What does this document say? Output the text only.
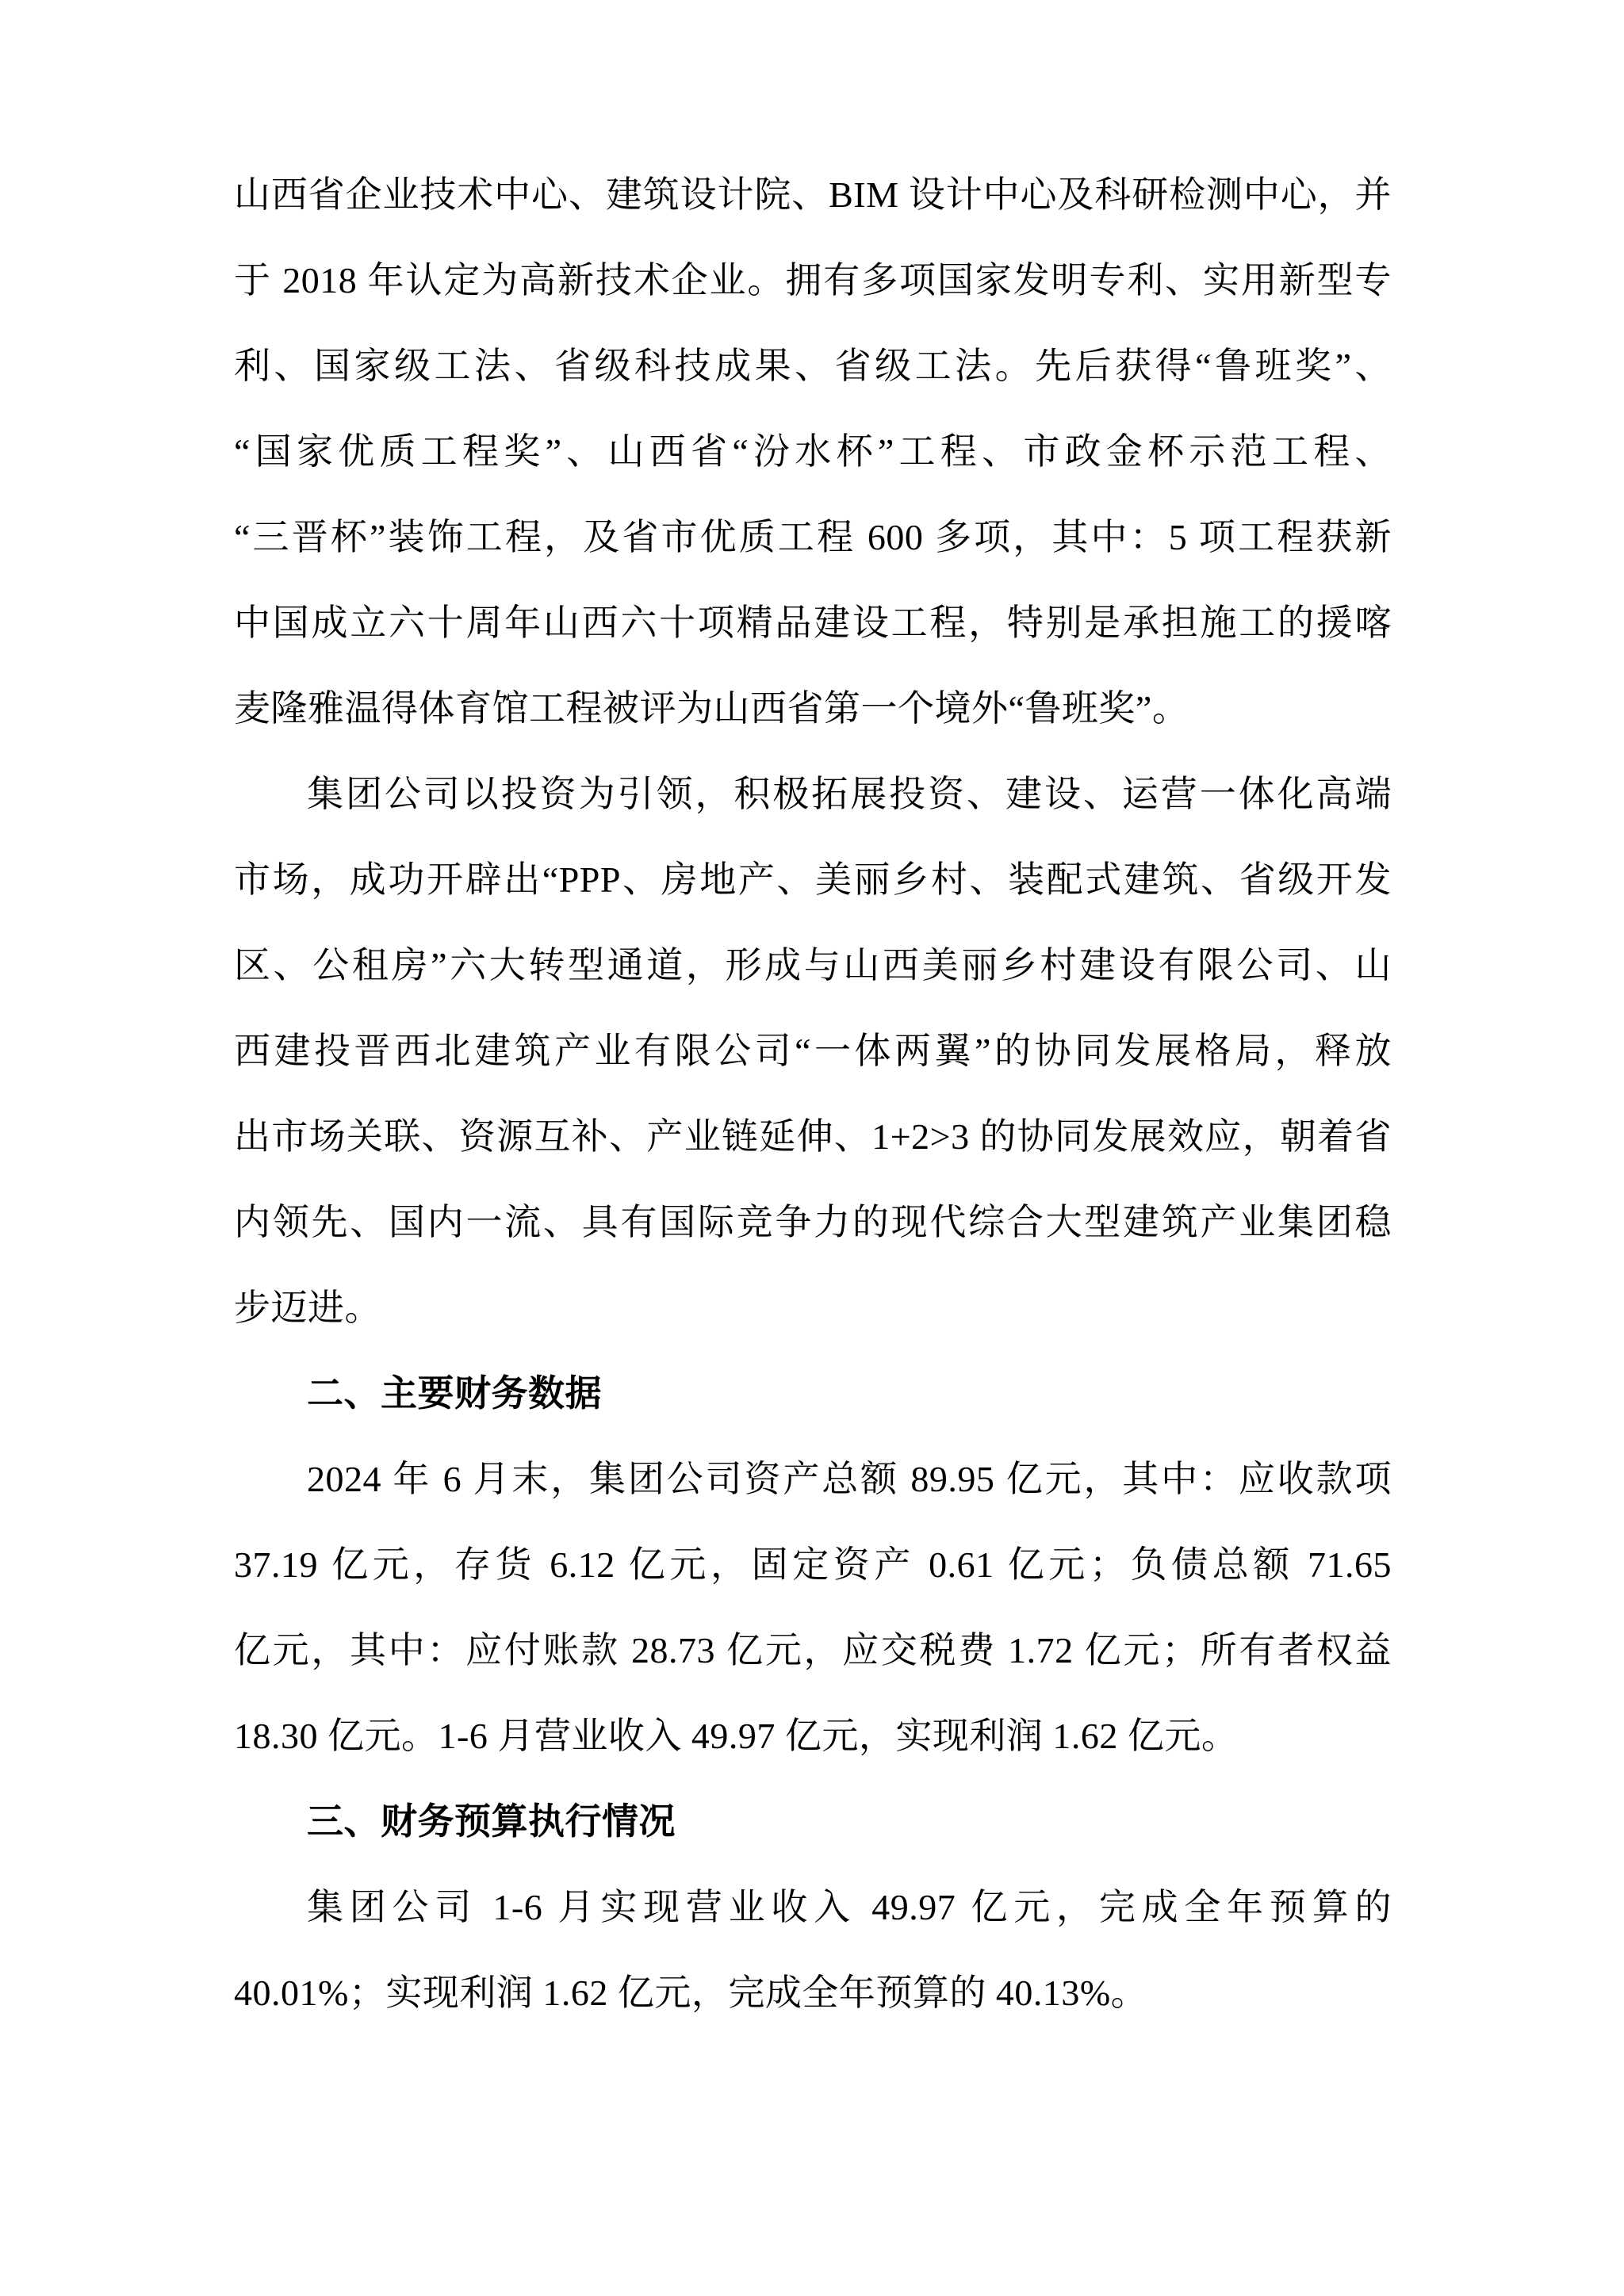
山西省企业技术中心、建筑设计院、BIM 设计中心及科研检测中心，并
于 2018 年认定为高新技术企业。拥有多项国家发明专利、实用新型专
利、国家级工法、省级科技成果、省级工法。先后获得“鲁班奖”、
“国家优质工程奖”、山西省“汾水杯”工程、市政金杯示范工程、
“三晋杯”装饰工程，及省市优质工程 600 多项，其中：5 项工程获新
中国成立六十周年山西六十项精品建设工程，特别是承担施工的援喀
麦隆雅温得体育馆工程被评为山西省第一个境外“鲁班奖”。
集团公司以投资为引领，积极拓展投资、建设、运营一体化高端
市场，成功开辟出“PPP、房地产、美丽乡村、装配式建筑、省级开发
区、公租房”六大转型通道，形成与山西美丽乡村建设有限公司、山
西建投晋西北建筑产业有限公司“一体两翼”的协同发展格局，释放
出市场关联、资源互补、产业链延伸、1+2>3 的协同发展效应，朝着省
内领先、国内一流、具有国际竞争力的现代综合大型建筑产业集团稳
步迈进。
二、主要财务数据
2024 年 6 月末，集团公司资产总额 89.95 亿元，其中：应收款项
37.19 亿元，存货 6.12 亿元，固定资产 0.61 亿元；负债总额 71.65
亿元，其中：应付账款 28.73 亿元，应交税费 1.72 亿元；所有者权益
18.30 亿元。1-6 月营业收入 49.97 亿元，实现利润 1.62 亿元。
三、财务预算执行情况
集团公司 1-6 月实现营业收入 49.97 亿元，完成全年预算的
40.01%；实现利润 1.62 亿元，完成全年预算的 40.13%。
